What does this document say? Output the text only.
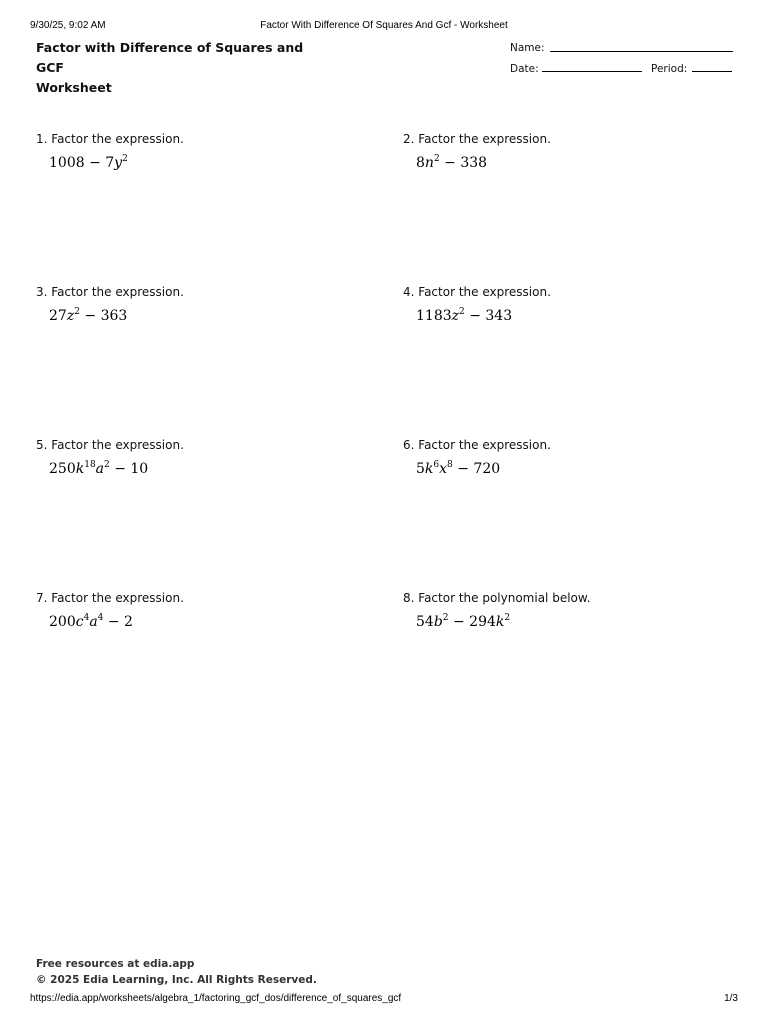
9/30/25, 9:02 AM	Factor With Difference Of Squares And Gcf - Worksheet
Factor with Difference of Squares and GCF
Worksheet
Name:
Date:	Period:
1. Factor the expression.
$1008 - 7y^2$
2. Factor the expression.
$8n^2 - 338$
3. Factor the expression.
$27z^2 - 363$
4. Factor the expression.
$1183z^2 - 343$
5. Factor the expression.
$250k^{18}a^2 - 10$
6. Factor the expression.
$5k^6x^8 - 720$
7. Factor the expression.
$200c^4a^4 - 2$
8. Factor the polynomial below.
$54b^2 - 294k^2$
Free resources at edia.app
© 2025 Edia Learning, Inc. All Rights Reserved.
https://edia.app/worksheets/algebra_1/factoring_gcf_dos/difference_of_squares_gcf	1/3
